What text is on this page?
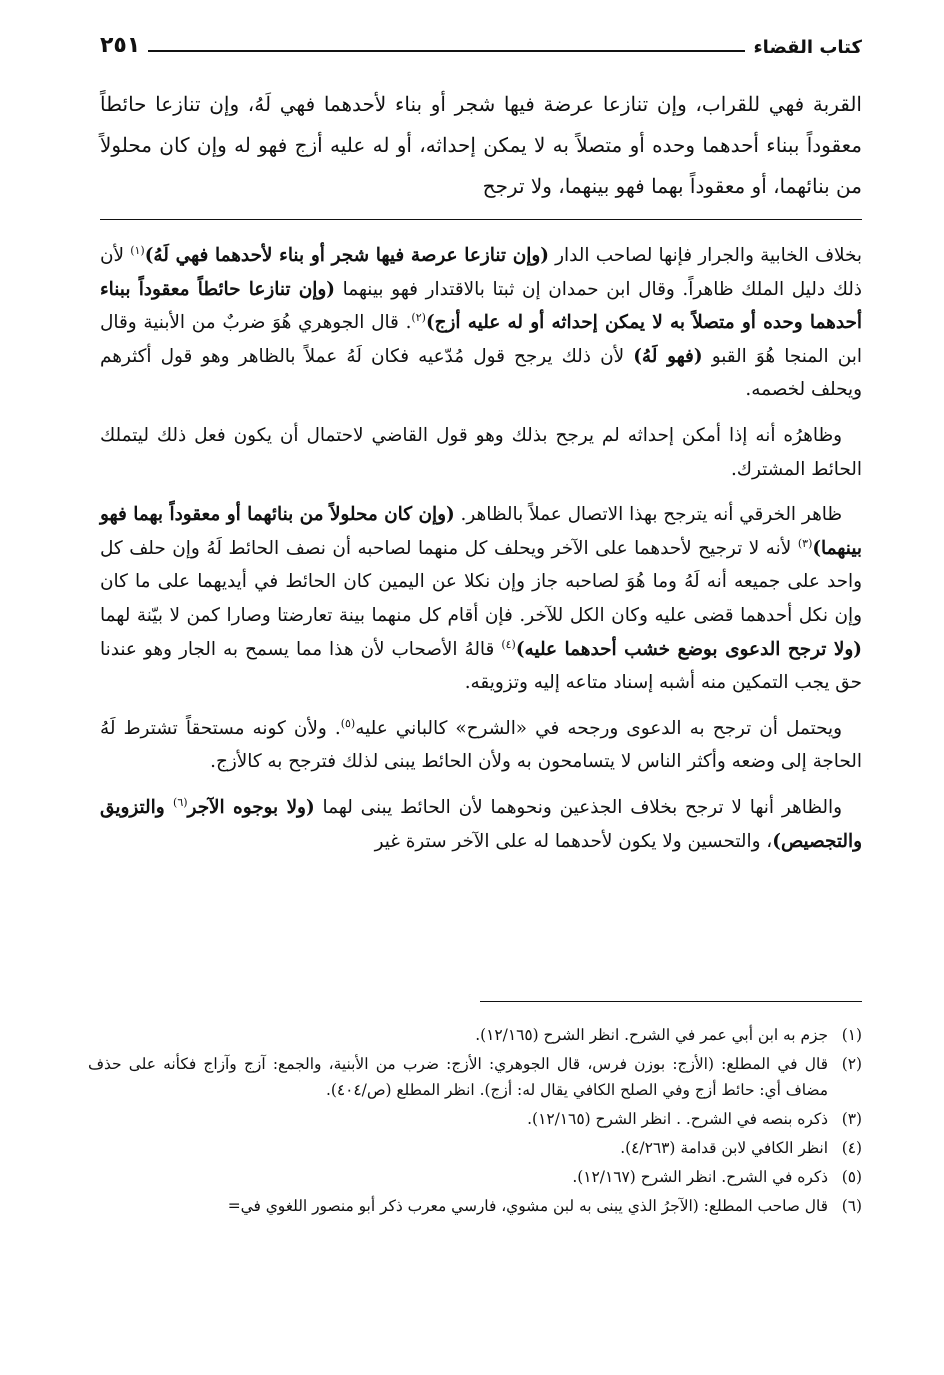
كتاب القضاء
٢٥١
القربة فهي للقراب، وإن تنازعا عرضة فيها شجر أو بناء لأحدهما فهي لَهُ، وإن تنازعا حائطاً معقوداً ببناء أحدهما وحده أو متصلاً به لا يمكن إحداثه، أو له عليه أزج فهو له وإن كان محلولاً من بنائهما، أو معقوداً بهما فهو بينهما، ولا ترجح

بخلاف الخابية والجرار فإنها لصاحب الدار (وإن تنازعا عرصة فيها شجر أو بناء لأحدهما فهي لَهُ)$^{(١)}$ لأن ذلك دليل الملك ظاهراً. وقال ابن حمدان إن ثبتا بالاقتدار فهو بينهما (وإن تنازعا حائطاً معقوداً ببناء أحدهما وحده أو متصلاً به لا يمكن إحداثه أو له عليه أزج)$^{(٢)}$. قال الجوهري هُوَ ضربٌ من الأبنية وقال ابن المنجا هُوَ القبو (فهو لَهُ) لأن ذلك يرجح قول مُدّعيه فكان لَهُ عملاً بالظاهر وهو قول أكثرهم ويحلف لخصمه.

وظاهرُه أنه إذا أمكن إحداثه لم يرجح بذلك وهو قول القاضي لاحتمال أن يكون فعل ذلك ليتملك الحائط المشترك.

ظاهر الخرقي أنه يترجح بهذا الاتصال عملاً بالظاهر. (وإن كان محلولاً من بنائهما أو معقوداً بهما فهو بينهما)$^{(٣)}$ لأنه لا ترجيح لأحدهما على الآخر ويحلف كل منهما لصاحبه أن نصف الحائط لَهُ وإن حلف كل واحد على جميعه أنه لَهُ وما هُوَ لصاحبه جاز وإن نكلا عن اليمين كان الحائط في أيديهما على ما كان وإن نكل أحدهما قضى عليه وكان الكل للآخر. فإن أقام كل منهما بينة تعارضتا وصارا كمن لا بيّنة لهما (ولا ترجح الدعوى بوضع خشب أحدهما عليه)$^{(٤)}$ قالهُ الأصحاب لأن هذا مما يسمح به الجار وهو عندنا حق يجب التمكين منه أشبه إسناد متاعه إليه وتزويقه.

ويحتمل أن ترجح به الدعوى ورجحه في «الشرح» كالباني عليه$^{(٥)}$. ولأن كونه مستحقاً تشترط لَهُ الحاجة إلى وضعه وأكثر الناس لا يتسامحون به ولأن الحائط يبنى لذلك فترجح به كالأزج.

والظاهر أنها لا ترجح بخلاف الجذعين ونحوهما لأن الحائط يبنى لهما (ولا بوجوه الآجر$^{(٦)}$ والتزويق والتجصيص)، والتحسين ولا يكون لأحدهما له على الآخر سترة غير

(١)
جزم به ابن أبي عمر في الشرح. انظر الشرح (١٢/١٦٥).
(٢)
قال في المطلع: (الأزج: بوزن فرس، قال الجوهري: الأزج: ضرب من الأبنية، والجمع: آزج وآزاج فكأنه على حذف مضاف أي: حائط أزج وفي الصلح الكافي يقال له: أزج). انظر المطلع (ص/٤٠٤).
(٣)
ذكره بنصه في الشرح. . انظر الشرح (١٢/١٦٥).
(٤)
انظر الكافي لابن قدامة (٤/٢٦٣).
(٥)
ذكره في الشرح. انظر الشرح (١٢/١٦٧).
(٦)
قال صاحب المطلع: (الآجرُ الذي يبنى به لبن مشوي، فارسي معرب ذكر أبو منصور اللغوي في=
